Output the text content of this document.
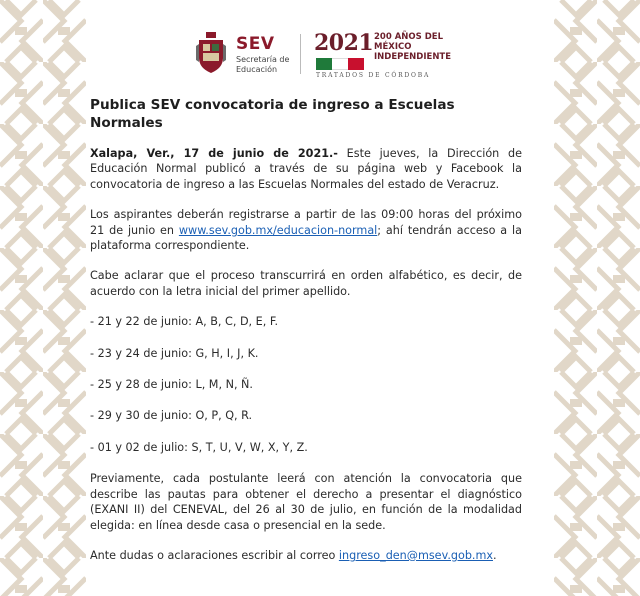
SEV
Secretaría de Educación
2021 200 AÑOS DEL MÉXICO INDEPENDIENTE
TRATADOS DE CÓRDOBA
Publica SEV convocatoria de ingreso a Escuelas Normales

Xalapa, Ver., 17 de junio de 2021.- Este jueves, la Dirección de Educación Normal publicó a través de su página web y Facebook la convocatoria de ingreso a las Escuelas Normales del estado de Veracruz.

Los aspirantes deberán registrarse a partir de las 09:00 horas del próximo 21 de junio en www.sev.gob.mx/educacion-normal; ahí tendrán acceso a la plataforma correspondiente.

Cabe aclarar que el proceso transcurrirá en orden alfabético, es decir, de acuerdo con la letra inicial del primer apellido.

- 21 y 22 de junio: A, B, C, D, E, F.

- 23 y 24 de junio: G, H, I, J, K.

- 25 y 28 de junio: L, M, N, Ñ.

- 29 y 30 de junio: O, P, Q, R.

- 01 y 02 de julio: S, T, U, V, W, X, Y, Z.

Previamente, cada postulante leerá con atención la convocatoria que describe las pautas para obtener el derecho a presentar el diagnóstico (EXANI II) del CENEVAL, del 26 al 30 de julio, en función de la modalidad elegida: en línea desde casa o presencial en la sede.

Ante dudas o aclaraciones escribir al correo ingreso_den@msev.gob.mx.
